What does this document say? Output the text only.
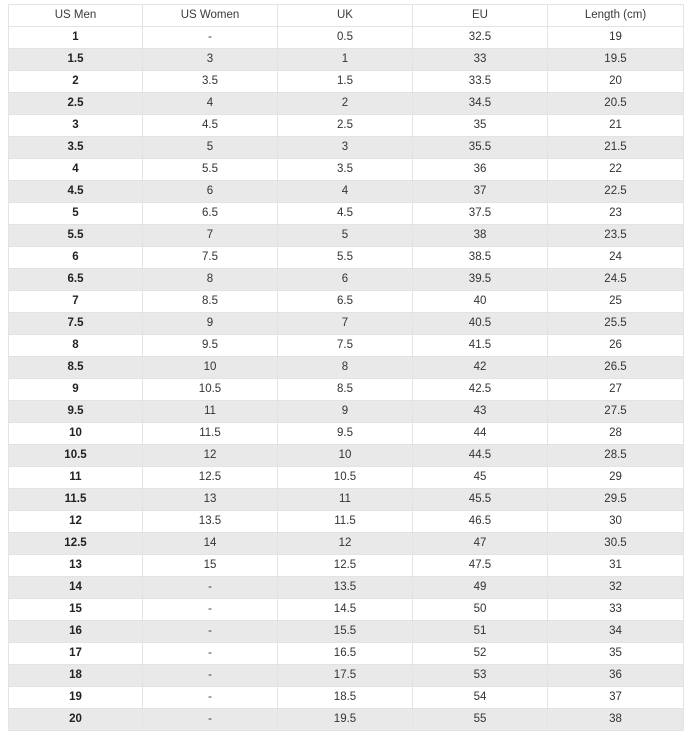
US Men	US Women	UK	EU	Length (cm)
1	-	0.5	32.5	19
1.5	3	1	33	19.5
2	3.5	1.5	33.5	20
2.5	4	2	34.5	20.5
3	4.5	2.5	35	21
3.5	5	3	35.5	21.5
4	5.5	3.5	36	22
4.5	6	4	37	22.5
5	6.5	4.5	37.5	23
5.5	7	5	38	23.5
6	7.5	5.5	38.5	24
6.5	8	6	39.5	24.5
7	8.5	6.5	40	25
7.5	9	7	40.5	25.5
8	9.5	7.5	41.5	26
8.5	10	8	42	26.5
9	10.5	8.5	42.5	27
9.5	11	9	43	27.5
10	11.5	9.5	44	28
10.5	12	10	44.5	28.5
11	12.5	10.5	45	29
11.5	13	11	45.5	29.5
12	13.5	11.5	46.5	30
12.5	14	12	47	30.5
13	15	12.5	47.5	31
14	-	13.5	49	32
15	-	14.5	50	33
16	-	15.5	51	34
17	-	16.5	52	35
18	-	17.5	53	36
19	-	18.5	54	37
20	-	19.5	55	38
